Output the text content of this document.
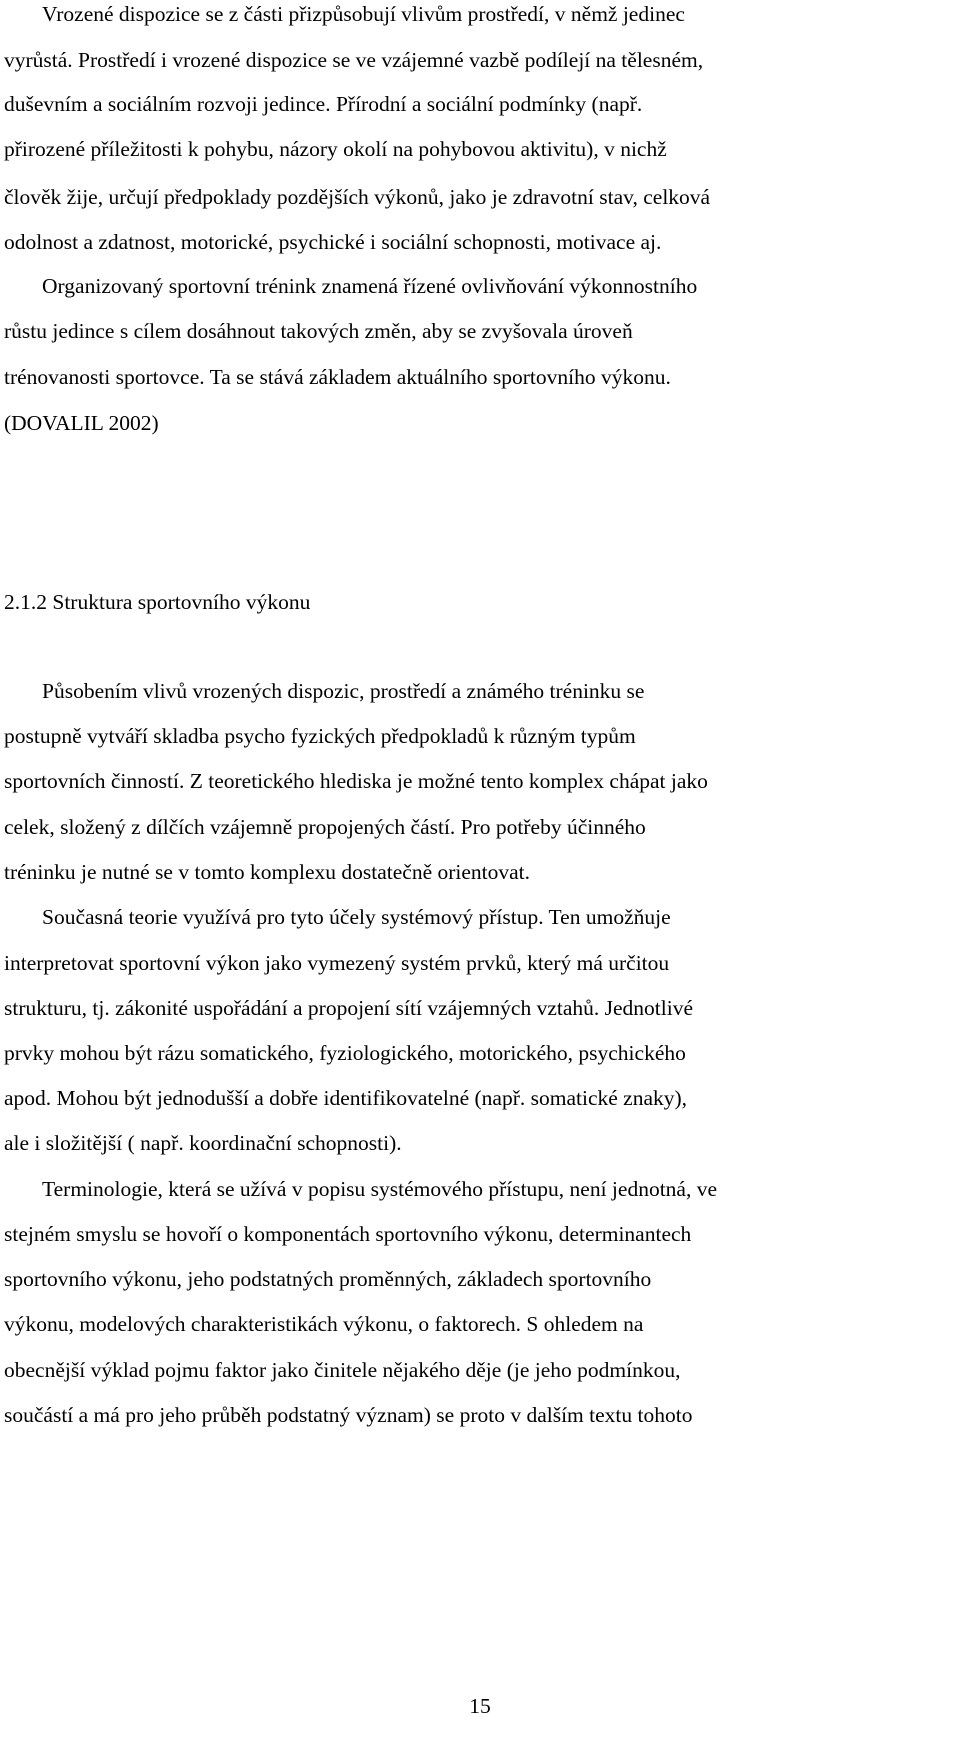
Vrozené dispozice se z části přizpůsobují vlivům prostředí, v němž jedinec
vyrůstá. Prostředí i vrozené dispozice se ve vzájemné vazbě podílejí na tělesném,
duševním a sociálním rozvoji jedince. Přírodní a sociální podmínky (např.
přirozené příležitosti k pohybu, názory okolí na pohybovou aktivitu), v nichž
člověk žije, určují předpoklady pozdějších výkonů, jako je zdravotní stav, celková
odolnost a zdatnost, motorické, psychické i sociální schopnosti, motivace aj.
Organizovaný sportovní trénink znamená řízené ovlivňování výkonnostního
růstu jedince s cílem dosáhnout takových změn, aby se zvyšovala úroveň
trénovanosti sportovce. Ta se stává základem aktuálního sportovního výkonu.
(DOVALIL 2002)
2.1.2 Struktura sportovního výkonu
Působením vlivů vrozených dispozic, prostředí a známého tréninku se
postupně vytváří skladba psycho fyzických předpokladů k různým typům
sportovních činností. Z teoretického hlediska je možné tento komplex chápat jako
celek, složený z dílčích vzájemně propojených částí. Pro potřeby účinného
tréninku je nutné se v tomto komplexu dostatečně orientovat.
Současná teorie využívá pro tyto účely systémový přístup. Ten umožňuje
interpretovat sportovní výkon jako vymezený systém prvků, který má určitou
strukturu, tj. zákonité uspořádání a propojení sítí vzájemných vztahů. Jednotlivé
prvky mohou být rázu somatického, fyziologického, motorického, psychického
apod. Mohou být jednodušší a dobře identifikovatelné (např. somatické znaky),
ale i složitější ( např. koordinační schopnosti).
Terminologie, která se užívá v popisu systémového přístupu, není jednotná, ve
stejném smyslu se hovoří o komponentách sportovního výkonu, determinantech
sportovního výkonu, jeho podstatných proměnných, základech sportovního
výkonu, modelových charakteristikách výkonu, o faktorech. S ohledem na
obecnější výklad pojmu faktor jako činitele nějakého děje (je jeho podmínkou,
součástí a má pro jeho průběh podstatný význam) se proto v dalším textu tohoto
15
